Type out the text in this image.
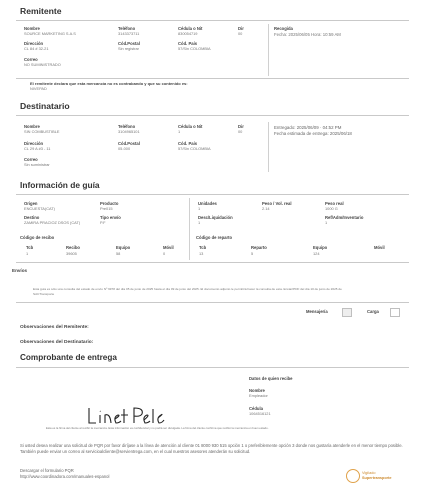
Remitente
Nombre
SOURCE MARKETING S.A.S
Teléfono
3143373711
Cédula o Nit
830054719
Dir
00
Recogida
Fecha: 2025/06/05 Hora: 10:59 AM
Dirección
CL 84 # 32-21
Cód.Postal
Sin registrar
Cód. País
57/Sin COLOMBIA
Correo
NO SUMINISTRADO
El remitente declara que esta mercancía no es contrabando y que su contenido es:
NIVEPAD
Destinatario
Nombre
SIN COMBUSTIBLE
Teléfono
3104965101
Cédula o Nit
1
Dir
00
Entregado: 2025/06/09 · 04:52 PM
Fecha estimada de entrega: 2025/06/18
Dirección
CL 29 A #3 - 11
Cód.Postal
05-000
Cód. País
57/Sin COLOMBIA
Correo
Sin suministrar
Información de guía
Origen
ENCUESTA(CAT)
Producto
Pre015
Unidades
1
Peso / Vol. real
2.14
Peso real
1000 G
Destino
ZAMIRA PRACIOZ DSOS (CAT)
Tipo envío
P.F
Desc/Liquidación
1
Ref/Adm/Inventario
1
Código de recibo	Código de reparto
Tcb
1
Recibo
39605
Equipo
58
Móvil
0
Tcb
13
Reparto
5
Equipo
124
Móvil
Envíos
Esta guía es sólo una consulta del estado de envío Nº 9978 del día 05 de junio de 2025 hasta el día 09 de junio del 2025. El documento adjunto le permitirá hacer la consulta de esta. Enviar/PDF del día 10 de junio de 2025 de
SACTransporte
Mensajería	Carga
Observaciones del Remitente:
Observaciones del Destinatario:
Comprobante de entrega
Datos de quien recibe
Nombre
Empleador
Cédula
1064516121
Esta es la firma del cliente al recibir la mercancía. Esta información es confidencial y no podrá ser divulgada. La firma del cliente confirma que recibió la mercancía en buen estado.
Si usted desea realizar una solicitud de PQR por favor diríjase a la línea de atención al cliente 01 8000 930 515 opción 1 o preferiblemente opción 3 donde nos gustaría atenderle en el menor tiempo posible. También puede enviar un correo al servicioalcliente@servientrega.com, en el cual nuestros asesores atenderán su solicitud.
Descargar el formulario PQR
http://www.coordinadora.com/manuales-espanol
Vigilado
Supertransporte
